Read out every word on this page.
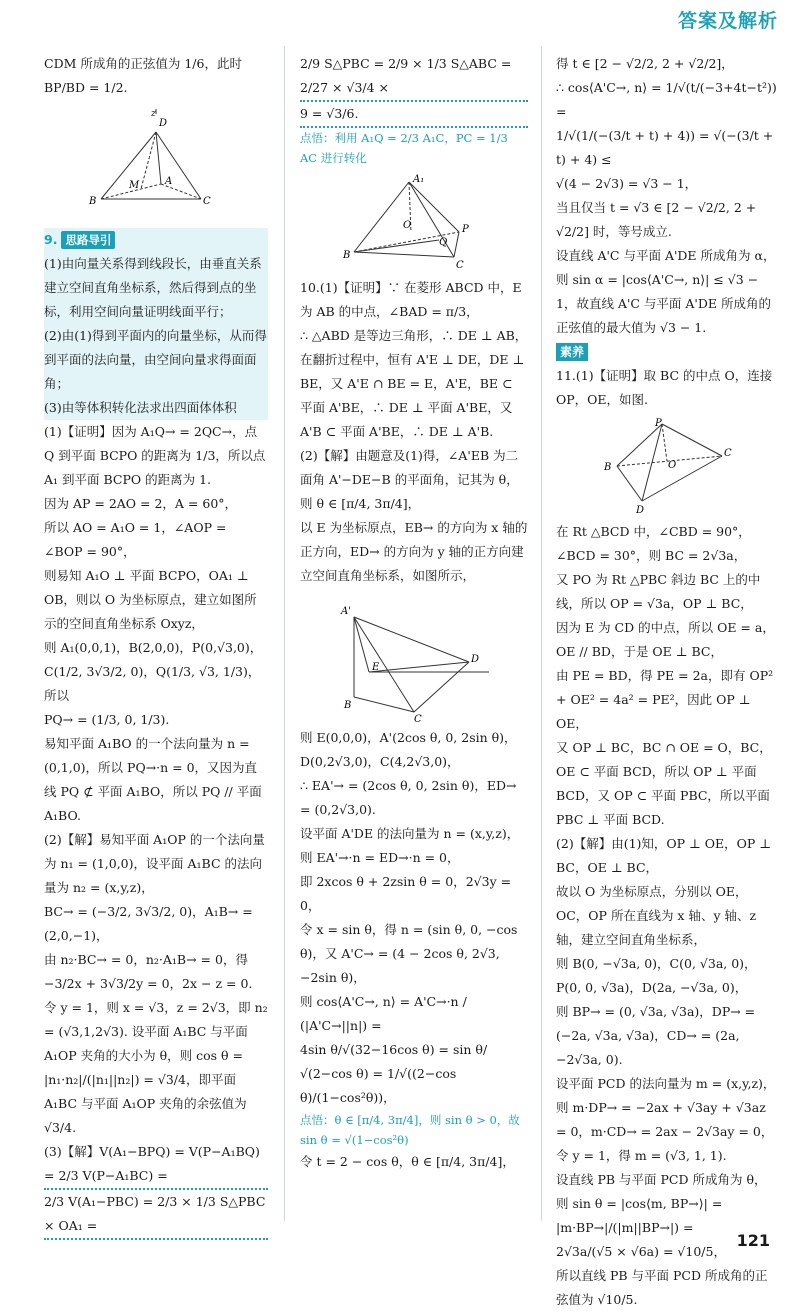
答案及解析

CDM 所成角的正弦值为 1/6，此时

BP/BD = 1/2.

D
B	C
A
M
z
9. 思路导引

(1)由向量关系得到线段长，由垂直关系建立空间直角坐标系，然后得到点的坐标，利用空间向量证明线面平行；

(2)由(1)得到平面内的向量坐标，从而得到平面的法向量，由空间向量求得面面角；

(3)由等体积转化法求出四面体体积

(1)【证明】因为 A₁Q→ = 2QC→，点 Q 到平面 BCPO 的距离为 1/3，所以点 A₁ 到平面 BCPO 的距离为 1.

因为 AP = 2AO = 2，A = 60°，

所以 AO = A₁O = 1，∠AOP = ∠BOP = 90°，

则易知 A₁O ⊥ 平面 BCPO，OA₁ ⊥ OB，则以 O 为坐标原点，建立如图所示的空间直角坐标系 Oxyz，

则 A₁(0,0,1)，B(2,0,0)，P(0,√3,0)，

C(1/2, 3√3/2, 0)，Q(1/3, √3, 1/3)，所以

PQ→ = (1/3, 0, 1/3).

易知平面 A₁BO 的一个法向量为 n = (0,1,0)，所以 PQ→·n = 0，又因为直线 PQ ⊄ 平面 A₁BO，所以 PQ // 平面 A₁BO.

(2)【解】易知平面 A₁OP 的一个法向量为 n₁ = (1,0,0)，设平面 A₁BC 的法向量为 n₂ = (x,y,z)，

BC→ = (−3/2, 3√3/2, 0)，A₁B→ = (2,0,−1)，

由 n₂·BC→ = 0，n₂·A₁B→ = 0，得 −3/2x + 3√3/2y = 0，2x − z = 0.

令 y = 1，则 x = √3，z = 2√3，即 n₂ = (√3,1,2√3). 设平面 A₁BC 与平面 A₁OP 夹角的大小为 θ，则 cos θ = |n₁·n₂|/(|n₁||n₂|) = √3/4，即平面 A₁BC 与平面 A₁OP 夹角的余弦值为 √3/4.

(3)【解】V(A₁−BPQ) = V(P−A₁BQ) = 2/3 V(P−A₁BC) =

2/3 V(A₁−PBC) = 2/3 × 1/3 S△PBC × OA₁ =

2/9 S△PBC = 2/9 × 1/3 S△ABC = 2/27 × √3/4 ×

9 = √3/6.

点悟：利用 A₁Q = 2/3 A₁C，PC = 1/3 AC 进行转化

A₁
B
C
P
O
Q

10.(1)【证明】∵ 在菱形 ABCD 中，E 为 AB 的中点，∠BAD = π/3，

∴ △ABD 是等边三角形，∴ DE ⊥ AB，在翻折过程中，恒有 A'E ⊥ DE，DE ⊥ BE，又 A'E ∩ BE = E，A'E，BE ⊂ 平面 A'BE，∴ DE ⊥ 平面 A'BE，又 A'B ⊂ 平面 A'BE，∴ DE ⊥ A'B.

(2)【解】由题意及(1)得，∠A'EB 为二面角 A'−DE−B 的平面角，记其为 θ，则 θ ∈ [π/4, 3π/4]，

以 E 为坐标原点，EB→ 的方向为 x 轴的正方向，ED→ 的方向为 y 轴的正方向建立空间直角坐标系，如图所示，

A'
E
D
C
B

则 E(0,0,0)，A'(2cos θ, 0, 2sin θ)，D(0,2√3,0)，C(4,2√3,0)，

∴ EA'→ = (2cos θ, 0, 2sin θ)，ED→ = (0,2√3,0).

设平面 A'DE 的法向量为 n = (x,y,z)，则 EA'→·n = ED→·n = 0，

即 2xcos θ + 2zsin θ = 0，2√3y = 0，

令 x = sin θ，得 n = (sin θ, 0, −cos θ)，又 A'C→ = (4 − 2cos θ, 2√3, −2sin θ)，

则 cos⟨A'C→, n⟩ = A'C→·n / (|A'C→||n|) =

4sin θ/√(32−16cos θ) = sin θ/√(2−cos θ) = 1/√((2−cos θ)/(1−cos²θ))，

点悟：θ ∈ [π/4, 3π/4]，则 sin θ > 0，故 sin θ = √(1−cos²θ)

令 t = 2 − cos θ，θ ∈ [π/4, 3π/4]，

得 t ∈ [2 − √2/2, 2 + √2/2]，

∴ cos⟨A'C→, n⟩ = 1/√(t/(−3+4t−t²)) =

1/√(1/(−(3/t + t) + 4)) = √(−(3/t + t) + 4) ≤

√(4 − 2√3) = √3 − 1，

当且仅当 t = √3 ∈ [2 − √2/2, 2 + √2/2] 时，等号成立.

设直线 A'C 与平面 A'DE 所成角为 α，则 sin α = |cos⟨A'C→, n⟩| ≤ √3 − 1，故直线 A'C 与平面 A'DE 所成角的正弦值的最大值为 √3 − 1.

素养

11.(1)【证明】取 BC 的中点 O，连接 OP，OE，如图.

P
B
C
D
O

在 Rt △BCD 中，∠CBD = 90°，∠BCD = 30°，则 BC = 2√3a，

又 PO 为 Rt △PBC 斜边 BC 上的中线，所以 OP = √3a，OP ⊥ BC，

因为 E 为 CD 的中点，所以 OE = a，OE // BD，于是 OE ⊥ BC，

由 PE = BD，得 PE = 2a，即有 OP² + OE² = 4a² = PE²，因此 OP ⊥ OE，

又 OP ⊥ BC，BC ∩ OE = O，BC，OE ⊂ 平面 BCD，所以 OP ⊥ 平面 BCD，又 OP ⊂ 平面 PBC，所以平面 PBC ⊥ 平面 BCD.

(2)【解】由(1)知，OP ⊥ OE，OP ⊥ BC，OE ⊥ BC，

故以 O 为坐标原点，分别以 OE，OC，OP 所在直线为 x 轴、y 轴、z 轴，建立空间直角坐标系，

则 B(0, −√3a, 0)，C(0, √3a, 0)，P(0, 0, √3a)，D(2a, −√3a, 0)，

则 BP→ = (0, √3a, √3a)，DP→ = (−2a, √3a, √3a)，CD→ = (2a, −2√3a, 0).

设平面 PCD 的法向量为 m = (x,y,z)，

则 m·DP→ = −2ax + √3ay + √3az = 0，m·CD→ = 2ax − 2√3ay = 0，

令 y = 1，得 m = (√3, 1, 1).

设直线 PB 与平面 PCD 所成角为 θ，

则 sin θ = |cos⟨m, BP→⟩| = |m·BP→|/(|m||BP→|) =

2√3a/(√5 × √6a) = √10/5，

所以直线 PB 与平面 PCD 所成角的正弦值为 √10/5.

121
